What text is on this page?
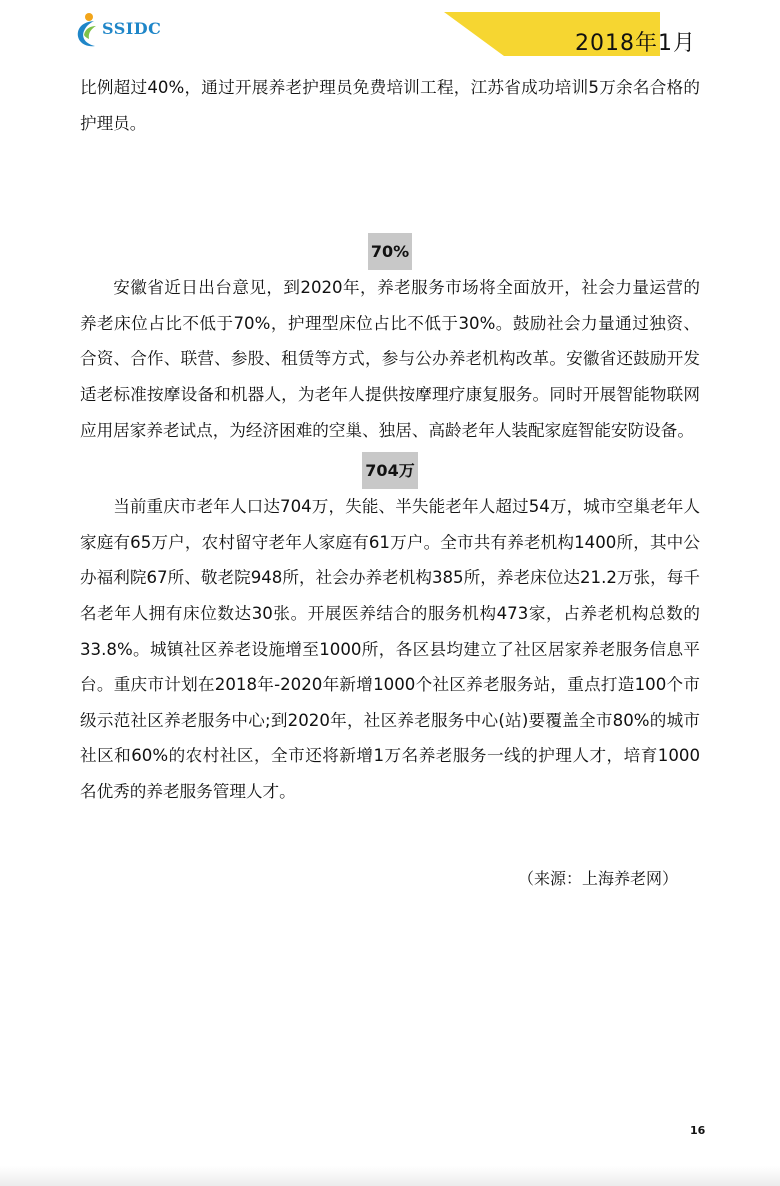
SSIDC
2018年1月

比例超过40%，通过开展养老护理员免费培训工程，江苏省成功培训5万余名合格的护理员。

70%

安徽省近日出台意见，到2020年，养老服务市场将全面放开，社会力量运营的养老床位占比不低于70%，护理型床位占比不低于30%。鼓励社会力量通过独资、合资、合作、联营、参股、租赁等方式，参与公办养老机构改革。安徽省还鼓励开发适老标准按摩设备和机器人，为老年人提供按摩理疗康复服务。同时开展智能物联网应用居家养老试点，为经济困难的空巢、独居、高龄老年人装配家庭智能安防设备。

704万

当前重庆市老年人口达704万，失能、半失能老年人超过54万，城市空巢老年人家庭有65万户，农村留守老年人家庭有61万户。全市共有养老机构1400所，其中公办福利院67所、敬老院948所，社会办养老机构385所，养老床位达21.2万张，每千名老年人拥有床位数达30张。开展医养结合的服务机构473家，占养老机构总数的33.8%。城镇社区养老设施增至1000所，各区县均建立了社区居家养老服务信息平台。重庆市计划在2018年-2020年新增1000个社区养老服务站，重点打造100个市级示范社区养老服务中心;到2020年，社区养老服务中心(站)要覆盖全市80%的城市社区和60%的农村社区，全市还将新增1万名养老服务一线的护理人才，培育1000名优秀的养老服务管理人才。

（来源：上海养老网）
16
